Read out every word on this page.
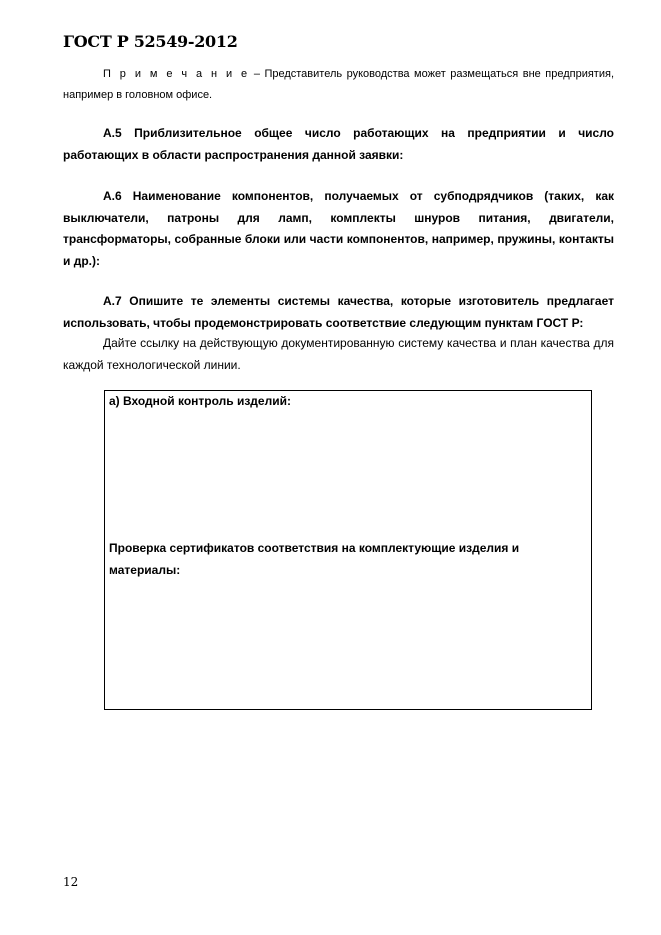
ГОСТ Р 52549-2012
П р и м е ч а н и е – Представитель руководства может размещаться вне предприятия, например в головном офисе.
А.5 Приблизительное общее число работающих на предприятии и число работающих в области распространения данной заявки:
А.6 Наименование компонентов, получаемых от субподрядчиков (таких, как выключатели, патроны для ламп, комплекты шнуров питания, двигатели, трансформаторы, собранные блоки или части компонентов, например, пружины, контакты и др.):
А.7 Опишите те элементы системы качества, которые изготовитель предлагает использовать, чтобы продемонстрировать соответствие следующим пунктам ГОСТ Р:
Дайте ссылку на действующую документированную систему качества и план качества для каждой технологической линии.
а) Входной контроль изделий:
Проверка сертификатов соответствия на комплектующие изделия и материалы:
12
